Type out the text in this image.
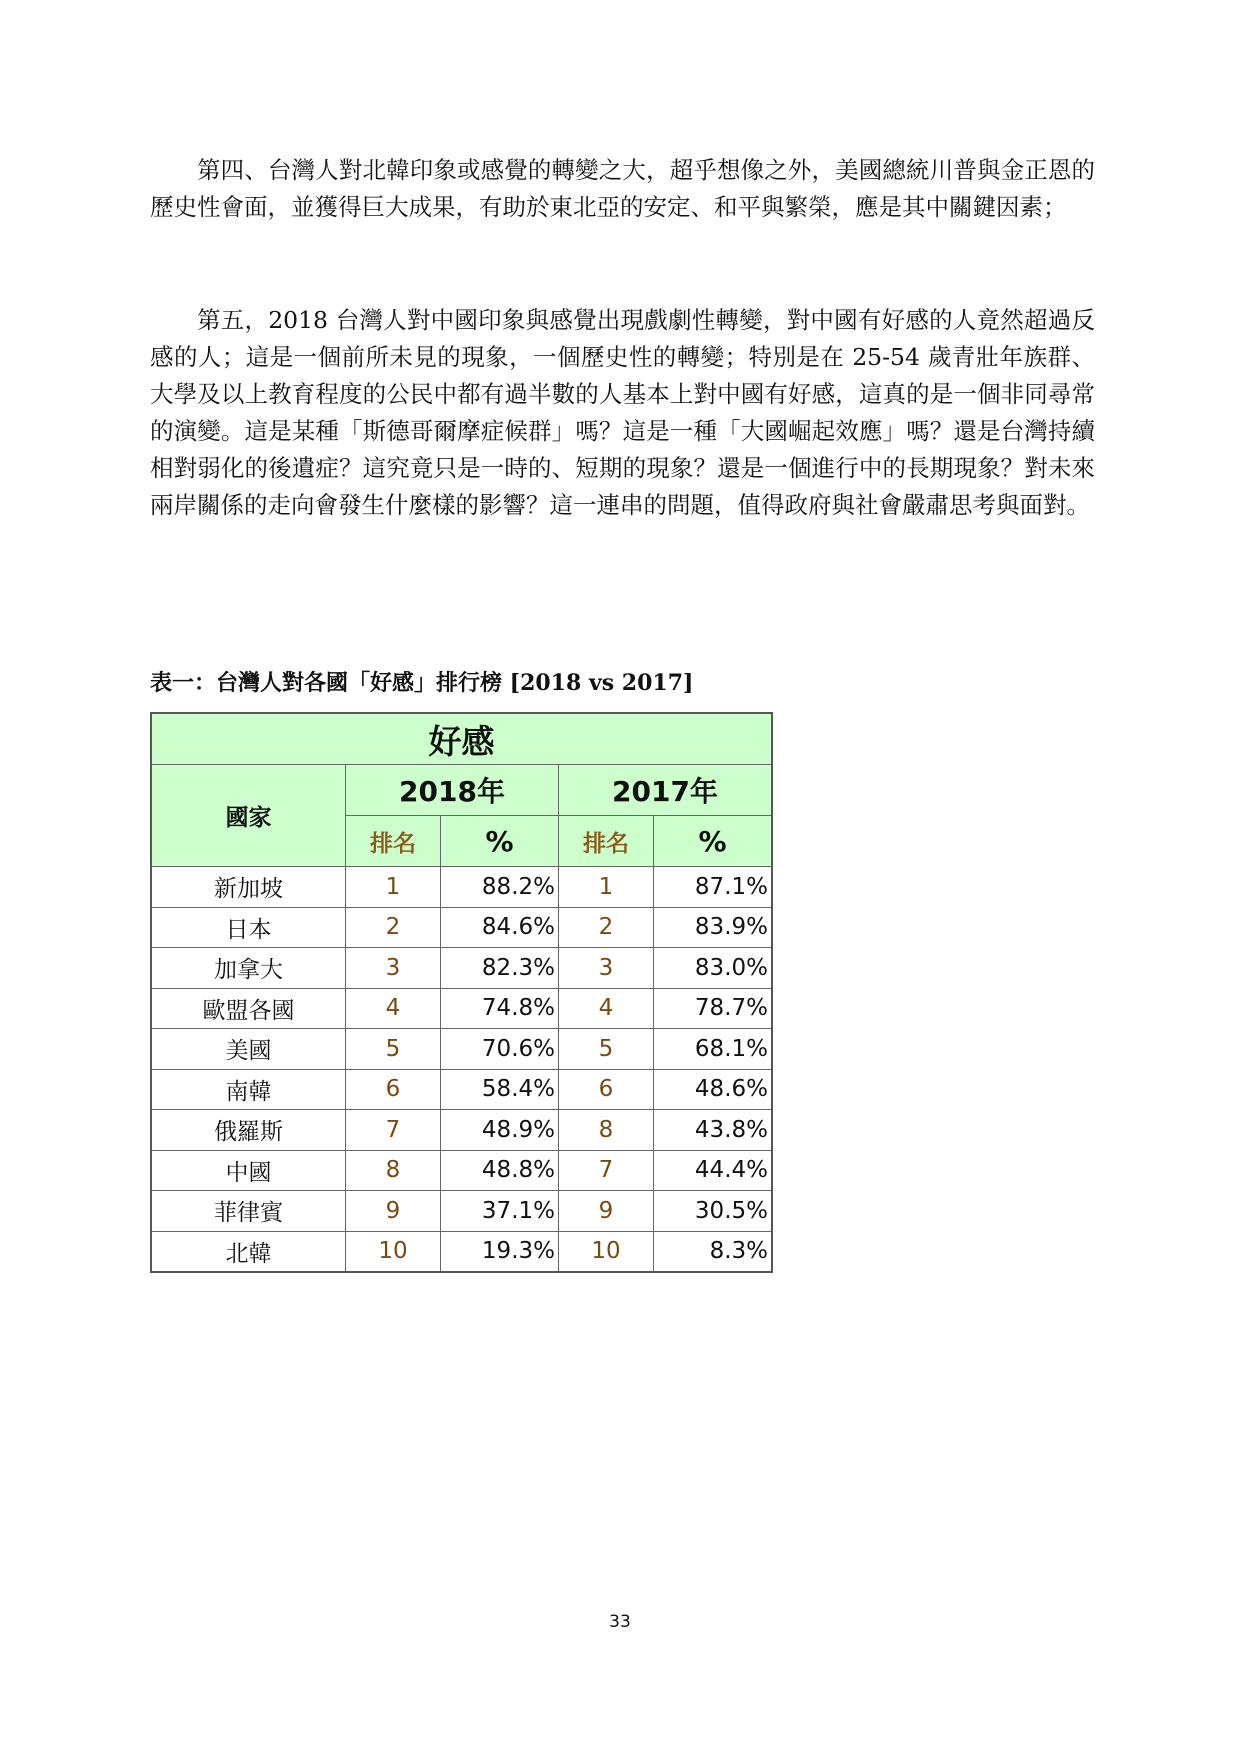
第四、台灣人對北韓印象或感覺的轉變之大，超乎想像之外，美國總統川普與金正恩的歷史性會面，並獲得巨大成果，有助於東北亞的安定、和平與繁榮，應是其中關鍵因素；

第五，2018 台灣人對中國印象與感覺出現戲劇性轉變，對中國有好感的人竟然超過反感的人；這是一個前所未見的現象，一個歷史性的轉變；特別是在 25-54 歲青壯年族群、大學及以上教育程度的公民中都有過半數的人基本上對中國有好感，這真的是一個非同尋常的演變。這是某種「斯德哥爾摩症候群」嗎？這是一種「大國崛起效應」嗎？還是台灣持續相對弱化的後遺症？這究竟只是一時的、短期的現象？還是一個進行中的長期現象？對未來兩岸關係的走向會發生什麼樣的影響？這一連串的問題，值得政府與社會嚴肅思考與面對。

表一：台灣人對各國「好感」排行榜 [2018 vs 2017]

好感				
國家	2018年		2017年	
	排名	%	排名	%
新加坡	1	88.2%	1	87.1%
日本	2	84.6%	2	83.9%
加拿大	3	82.3%	3	83.0%
歐盟各國	4	74.8%	4	78.7%
美國	5	70.6%	5	68.1%
南韓	6	58.4%	6	48.6%
俄羅斯	7	48.9%	8	43.8%
中國	8	48.8%	7	44.4%
菲律賓	9	37.1%	9	30.5%
北韓	10	19.3%	10	8.3%
33
